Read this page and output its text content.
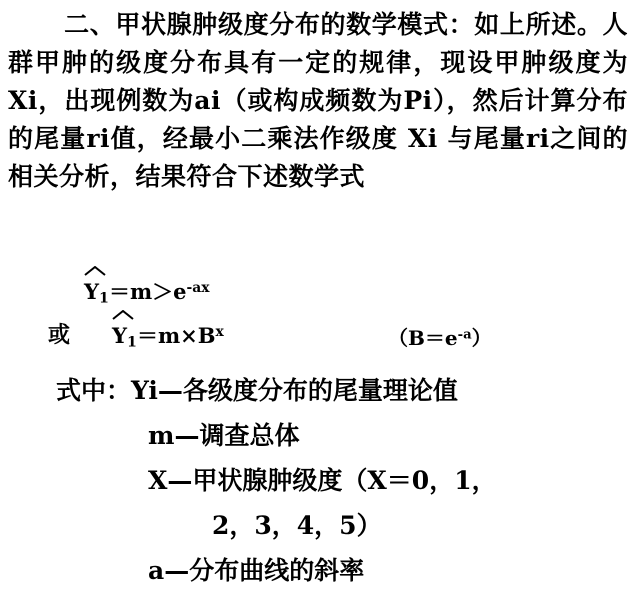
二、甲状腺肿级度分布的数学模式：如上所述。人群甲肿的级度分布具有一定的规律，现设甲肿级度为Xi，出现例数为ai（或构成频数为Pi），然后计算分布的尾量ri值，经最小二乘法作级度 Xi 与尾量ri之间的相关分析，结果符合下述数学式

$Y_1=m>e^{-ax}$
或 $Y_1=m\times B^x$	$(B=e^{-a})$
式中：Yi—各级度分布的尾量理论值
m—调查总体
X—甲状腺肿级度（X＝0，1，
2，3，4，5）
a—分布曲线的斜率
